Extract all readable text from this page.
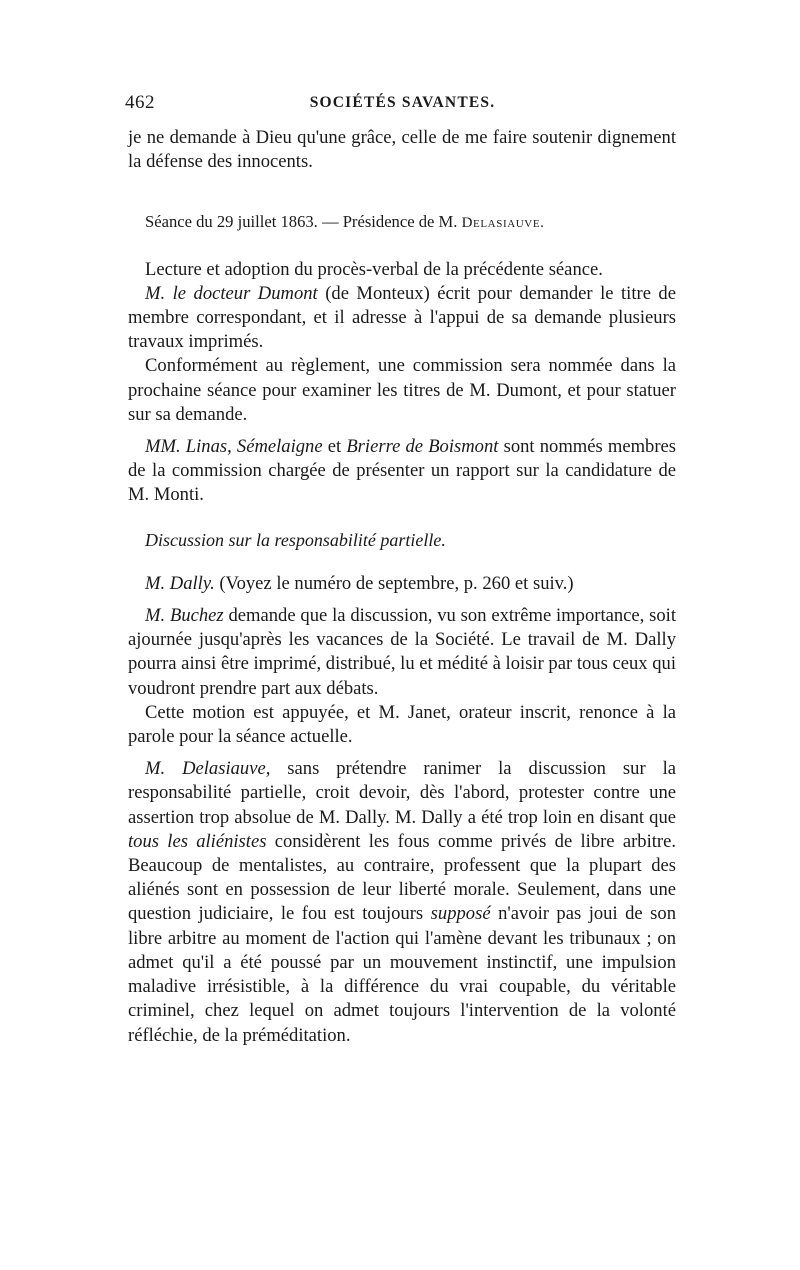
462	SOCIÉTÉS SAVANTES.

je ne demande à Dieu qu'une grâce, celle de me faire soutenir dignement la défense des innocents.

Séance du 29 juillet 1863. — Présidence de M. Delasiauve.

Lecture et adoption du procès-verbal de la précédente séance.

M. le docteur Dumont (de Monteux) écrit pour demander le titre de membre correspondant, et il adresse à l'appui de sa demande plusieurs travaux imprimés.

Conformément au règlement, une commission sera nommée dans la prochaine séance pour examiner les titres de M. Dumont, et pour statuer sur sa demande.

MM. Linas, Sémelaigne et Brierre de Boismont sont nommés membres de la commission chargée de présenter un rapport sur la candidature de M. Monti.

Discussion sur la responsabilité partielle.

M. Dally. (Voyez le numéro de septembre, p. 260 et suiv.)

M. Buchez demande que la discussion, vu son extrême importance, soit ajournée jusqu'après les vacances de la Société. Le travail de M. Dally pourra ainsi être imprimé, distribué, lu et médité à loisir par tous ceux qui voudront prendre part aux débats.

Cette motion est appuyée, et M. Janet, orateur inscrit, renonce à la parole pour la séance actuelle.

M. Delasiauve, sans prétendre ranimer la discussion sur la responsabilité partielle, croit devoir, dès l'abord, protester contre une assertion trop absolue de M. Dally. M. Dally a été trop loin en disant que tous les aliénistes considèrent les fous comme privés de libre arbitre. Beaucoup de mentalistes, au contraire, professent que la plupart des aliénés sont en possession de leur liberté morale. Seulement, dans une question judiciaire, le fou est toujours supposé n'avoir pas joui de son libre arbitre au moment de l'action qui l'amène devant les tribunaux ; on admet qu'il a été poussé par un mouvement instinctif, une impulsion maladive irrésistible, à la différence du vrai coupable, du véritable criminel, chez lequel on admet toujours l'intervention de la volonté réfléchie, de la préméditation.
